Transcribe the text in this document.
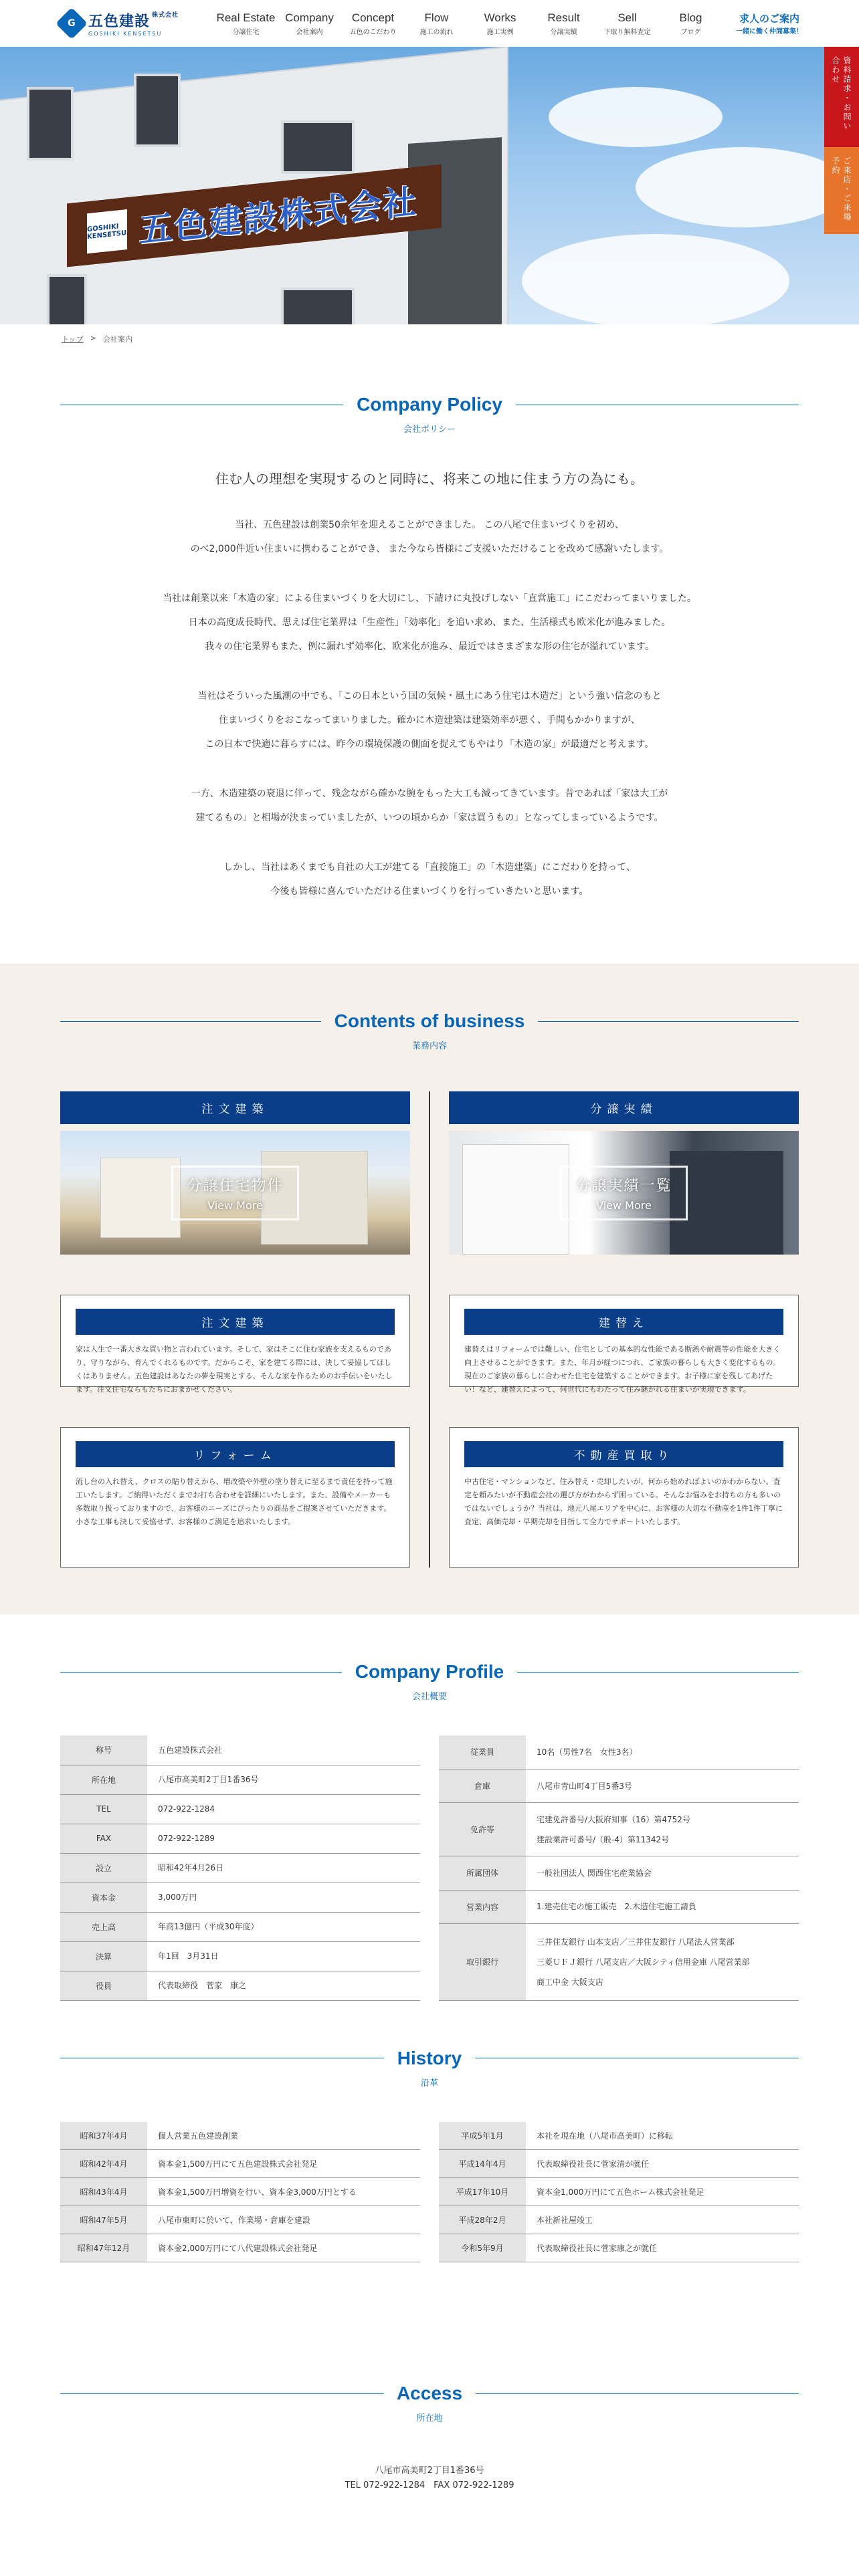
G 五色建設 $^{株式会社}$
GOSHIKI KENSETSU
Real Estate
分譲住宅
Company
会社案内
Concept
五色のこだわり
Flow
施工の流れ
Works
施工実例
Result
分譲実績
Sell
下取り無料査定
Blog
ブログ
求人のご案内
一緒に働く仲間募集！
資料請求・お問い合わせ
ご来店・ご来場予約
GOSHIKI KENSETSU 五色建設株式会社
トップ > 会社案内
Company Policy
会社ポリシー

住む人の理想を実現するのと同時に、将来この地に住まう方の為にも。

当社、五色建設は創業50余年を迎えることができました。 この八尾で住まいづくりを初め、
のべ2,000件近い住まいに携わることができ、 また今なら皆様にご支援いただけることを改めて感謝いたします。

当社は創業以来「木造の家」による住まいづくりを大切にし、下請けに丸投げしない「直営施工」にこだわってまいりました。
日本の高度成長時代、思えば住宅業界は「生産性」「効率化」を追い求め、また、生活様式も欧米化が進みました。
我々の住宅業界もまた、例に漏れず効率化、欧米化が進み、最近ではさまざまな形の住宅が溢れています。

当社はそういった風潮の中でも、「この日本という国の気候・風土にあう住宅は木造だ」という強い信念のもと
住まいづくりをおこなってまいりました。確かに木造建築は建築効率が悪く、手間もかかりますが、
この日本で快適に暮らすには、昨今の環境保護の側面を捉えてもやはり「木造の家」が最適だと考えます。

一方、木造建築の衰退に伴って、残念ながら確かな腕をもった大工も減ってきています。昔であれば「家は大工が
建てるもの」と相場が決まっていましたが、いつの頃からか「家は買うもの」となってしまっているようです。

しかし、当社はあくまでも自社の大工が建てる「直接施工」の「木造建築」にこだわりを持って、
今後も皆様に喜んでいただける住まいづくりを行っていきたいと思います。

Contents of business
業務内容
注文建築
分譲住宅物件
View More
注文建築
家は人生で一番大きな買い物と言われています。そして、家はそこに住む家族を支えるものであり、守りながら、育んでくれるものです。だからこそ、家を建てる際には、決して妥協してほしくはありません。五色建設はあなたの夢を現実とする、そんな家を作るためのお手伝いをいたします。注文住宅ならもたちにおまかせください。
リフォーム
流し台の入れ替え、クロスの貼り替えから、増改築や外壁の塗り替えに至るまで責任を持って施工いたします。ご納得いただくまでお打ち合わせを詳細にいたします。また、設備やメーカーも多数取り扱っておりますので、お客様のニーズにぴったりの商品をご提案させていただきます。小さな工事も決して妥協せず、お客様のご満足を追求いたします。
分譲実績
分譲実績一覧
View More
建替え
建替えはリフォームでは難しい、住宅としての基本的な性能である断熱や耐震等の性能を大きく向上させることができます。また、年月が経つにつれ、ご家族の暮らしも大きく変化するもの。現在のご家族の暮らしに合わせた住宅を建築することができます。お子様に家を残してあげたい！など、建替えによって、何世代にもわたって住み継がれる住まいが実現できます。
不動産買取り
中古住宅・マンションなど、住み替え・売却したいが、何から始めればよいのかわからない。査定を頼みたいが不動産会社の選び方がわからず困っている。そんなお悩みをお持ちの方も多いのではないでしょうか？当社は、地元八尾エリアを中心に、お客様の大切な不動産を1件1件丁寧に査定、高価売却・早期売却を目指して全力でサポートいたします。
Company Profile
会社概要
称号	五色建設株式会社

所在地	八尾市高美町2丁目1番36号

TEL	072-922-1284

FAX	072-922-1289

設立	昭和42年4月26日

資本金	3,000万円

売上高	年商13億円（平成30年度）

決算	年1回　3月31日

役員	代表取締役　菅家　康之
従業員	10名（男性7名　女性3名）

倉庫	八尾市青山町4丁目5番3号

免許等	宅建免許番号/大阪府知事（16）第4752号
建設業許可番号/（般-4）第11342号

所属団体	一般社団法人 関西住宅産業協会

営業内容	1.建売住宅の施工販売　2.木造住宅施工請負

取引銀行	三井住友銀行 山本支店／三井住友銀行 八尾法人営業部
三菱ＵＦＪ銀行 八尾支店／大阪シティ信用金庫 八尾営業部
商工中金 大阪支店
History
沿革
昭和37年4月	個人営業五色建設創業
昭和42年4月	資本金1,500万円にて五色建設株式会社発足
昭和43年4月	資本金1,500万円増資を行い、資本金3,000万円とする
昭和47年5月	八尾市東町に於いて、作業場・倉庫を建設
昭和47年12月	資本金2,000万円にて八代建設株式会社発足
平成5年1月	本社を現在地（八尾市高美町）に移転
平成14年4月	代表取締役社長に菅家清が就任
平成17年10月	資本金1,000万円にて五色ホーム株式会社発足
平成28年2月	本社新社屋竣工
令和5年9月	代表取締役社長に菅家康之が就任
Access
所在地
八尾市高美町2丁目1番36号
TEL 072-922-1284　FAX 072-922-1289
